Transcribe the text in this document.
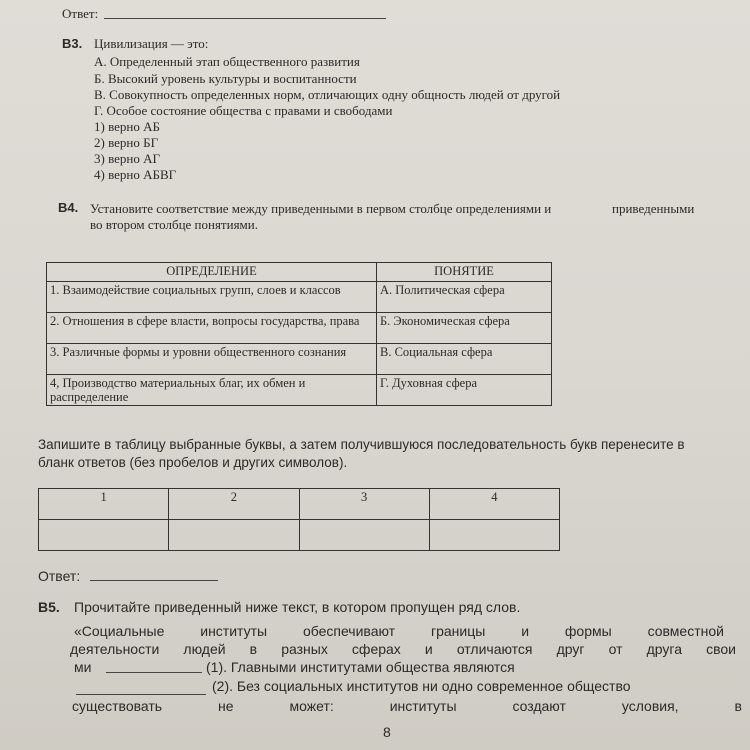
Ответ:
В3. Цивилизация — это:
А. Определенный этап общественного развития
Б. Высокий уровень культуры и воспитанности
В. Совокупность определенных норм, отличающих одну общность людей от другой
Г. Особое состояние общества с правами и свободами
1) верно АБ
2) верно БГ
3) верно АГ
4) верно АБВГ
В4. Установите соответствие между приведенными в первом столбце определениями и	приведенными
во втором столбце понятиями.
ОПРЕДЕЛЕНИЕ	ПОНЯТИЕ
1. Взаимодействие социальных групп, слоев и классов	А. Политическая сфера
2. Отношения в сфере власти, вопросы государства, права	Б. Экономическая сфера
3. Различные формы и уровни общественного сознания	В. Социальная сфера
4, Производство материальных благ, их обмен и распределение	Г. Духовная сфера
Запишите в таблицу выбранные буквы, а затем получившуюся последовательность букв перенесите в
бланк ответов (без пробелов и других символов).
1	2	3	4

Ответ:
В5. Прочитайте приведенный ниже текст, в котором пропущен ряд слов.
«Социальные	институты	обеспечивают	границы	и	формы	совместной
деятельности людей в разных сферах и отличаются друг от друга свои
ми	(1). Главными институтами общества являются
(2). Без социальных институтов ни одно современное общество
существовать	не	может:	институты	создают	условия,	в
8
